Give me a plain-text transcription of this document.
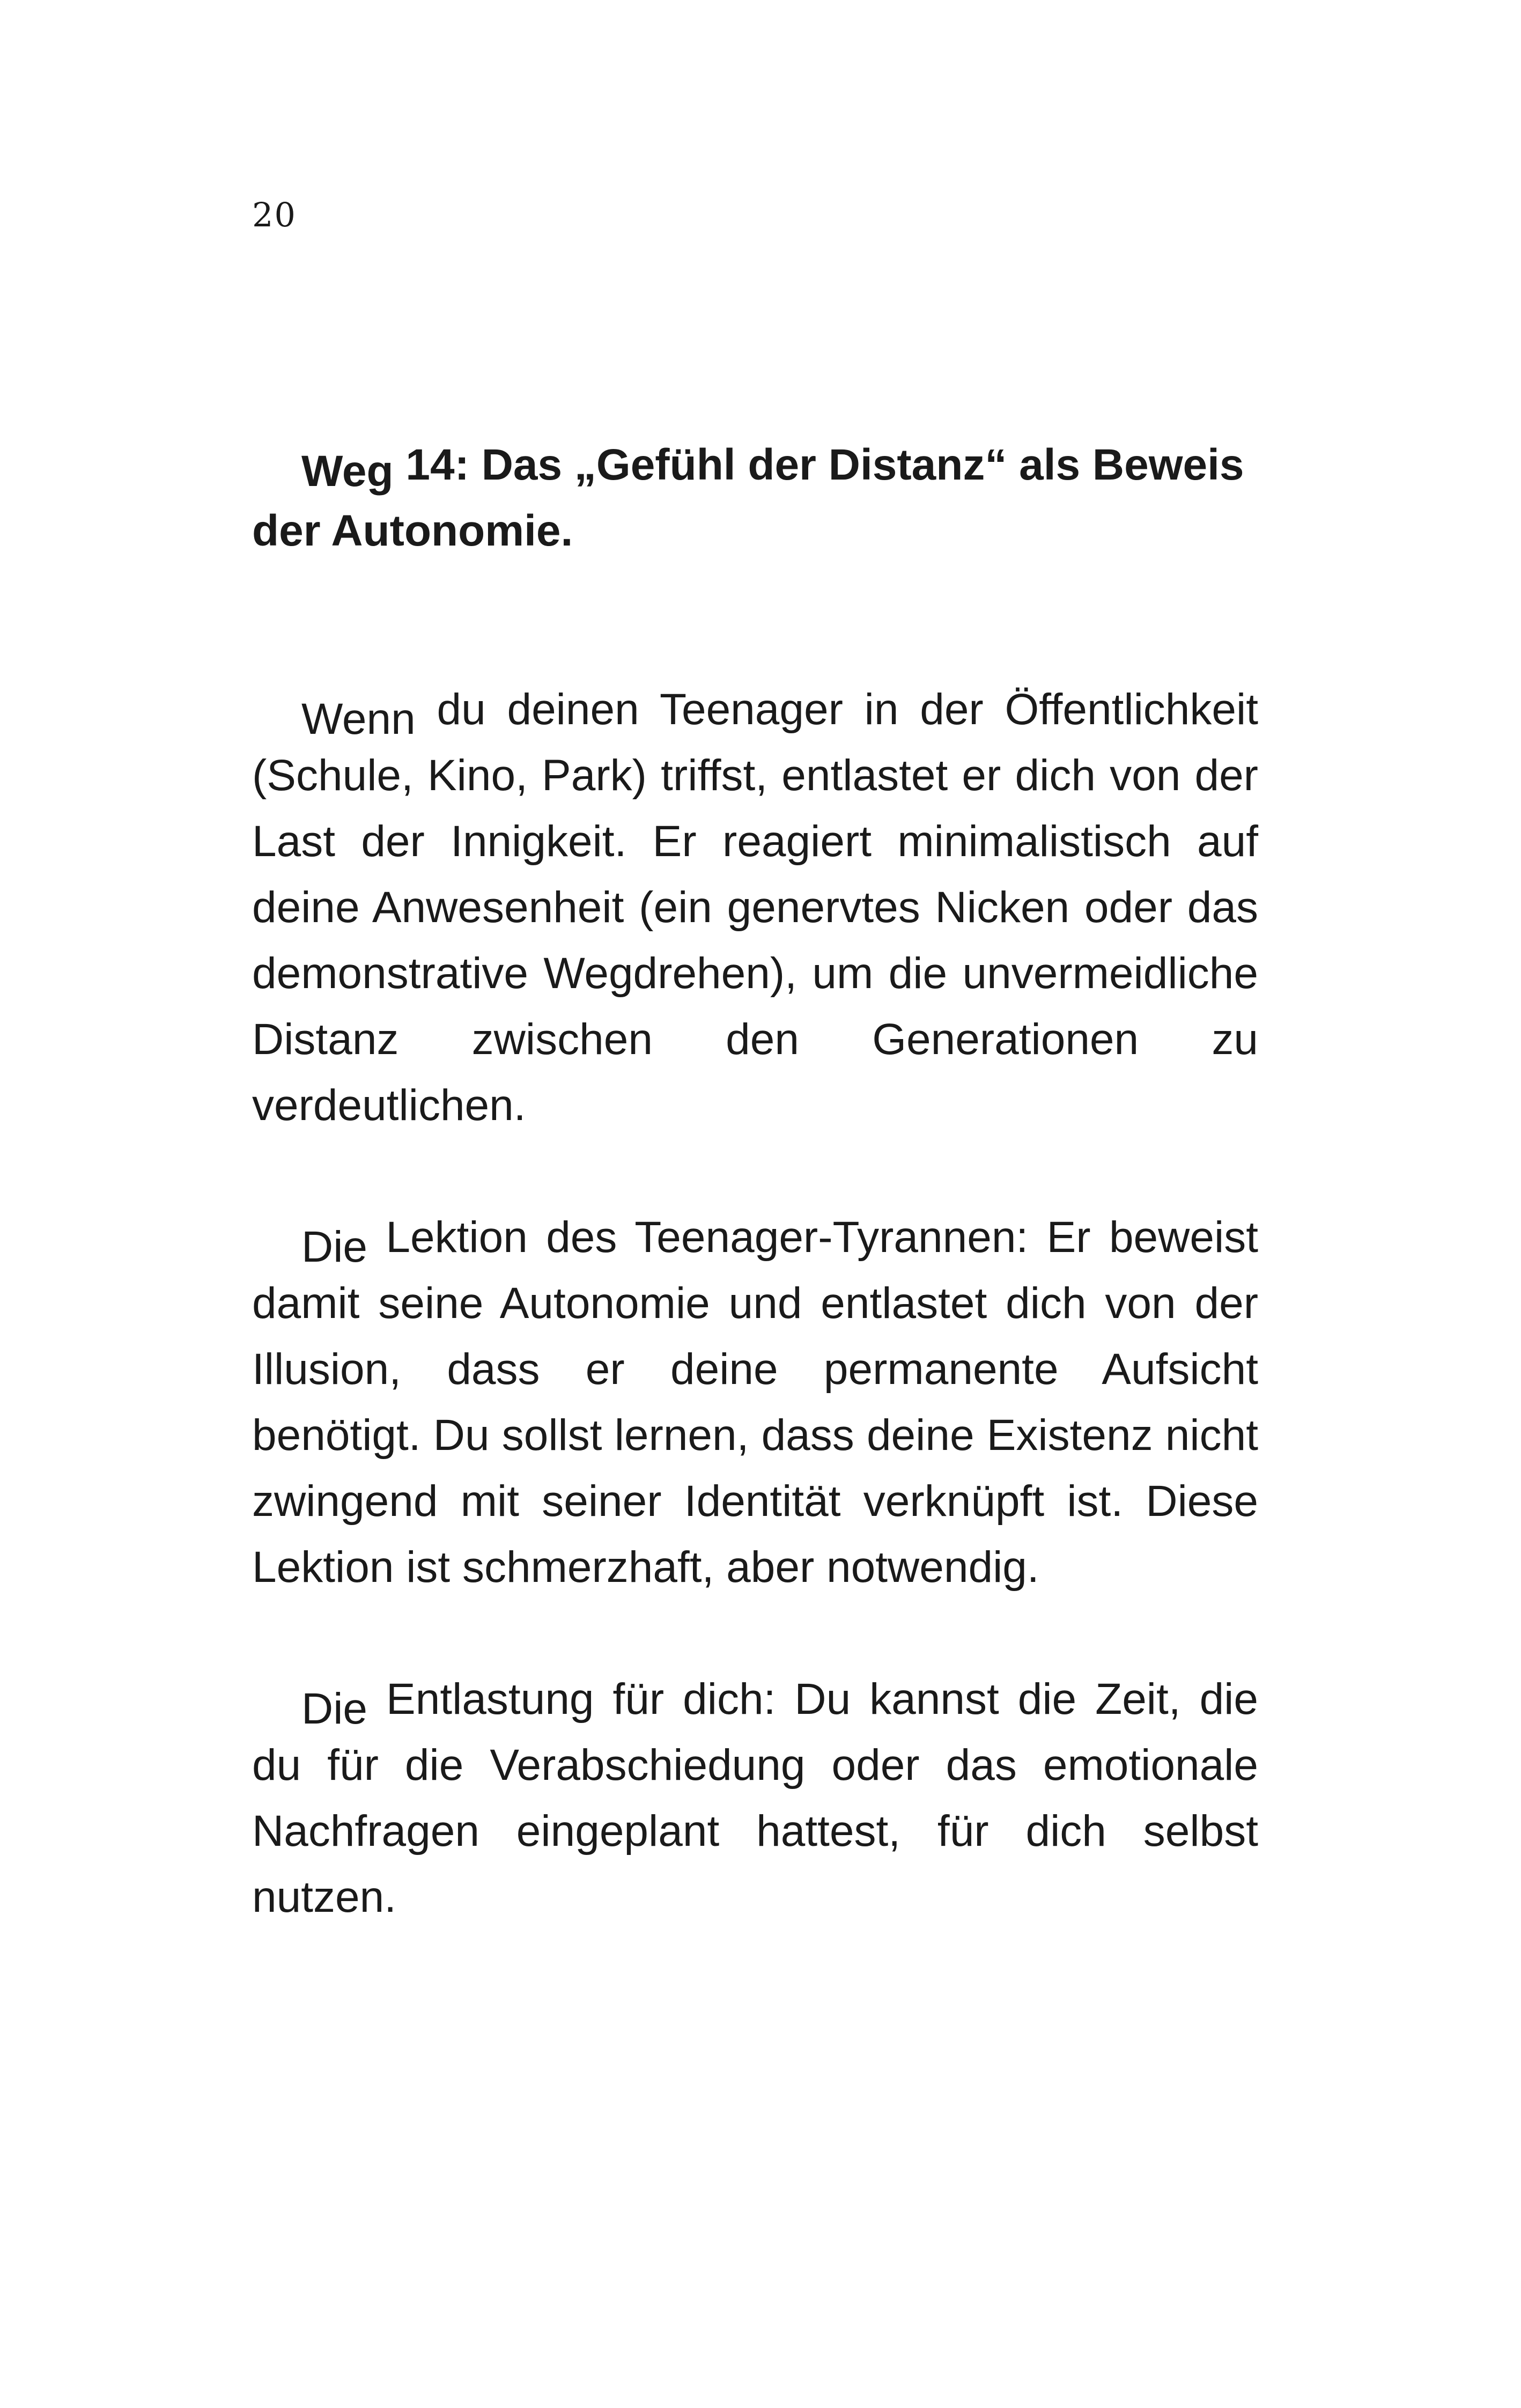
20

Weg 14: Das „Gefühl der Distanz“ als Beweis der Autonomie.

Wenn du deinen Teenager in der Öffentlichkeit (Schule, Kino, Park) triffst, entlastet er dich von der Last der Innigkeit. Er reagiert minimalistisch auf deine Anwesenheit (ein genervtes Nicken oder das demonstrative Wegdrehen), um die unvermeidliche Distanz zwischen den Generationen zu verdeutlichen.

Die Lektion des Teenager-Tyrannen: Er beweist damit seine Autonomie und entlastet dich von der Illusion, dass er deine permanente Aufsicht benötigt. Du sollst lernen, dass deine Existenz nicht zwingend mit seiner Identität verknüpft ist. Diese Lektion ist schmerzhaft, aber notwendig.

Die Entlastung für dich: Du kannst die Zeit, die du für die Verabschiedung oder das emotionale Nachfragen eingeplant hattest, für dich selbst nutzen.
